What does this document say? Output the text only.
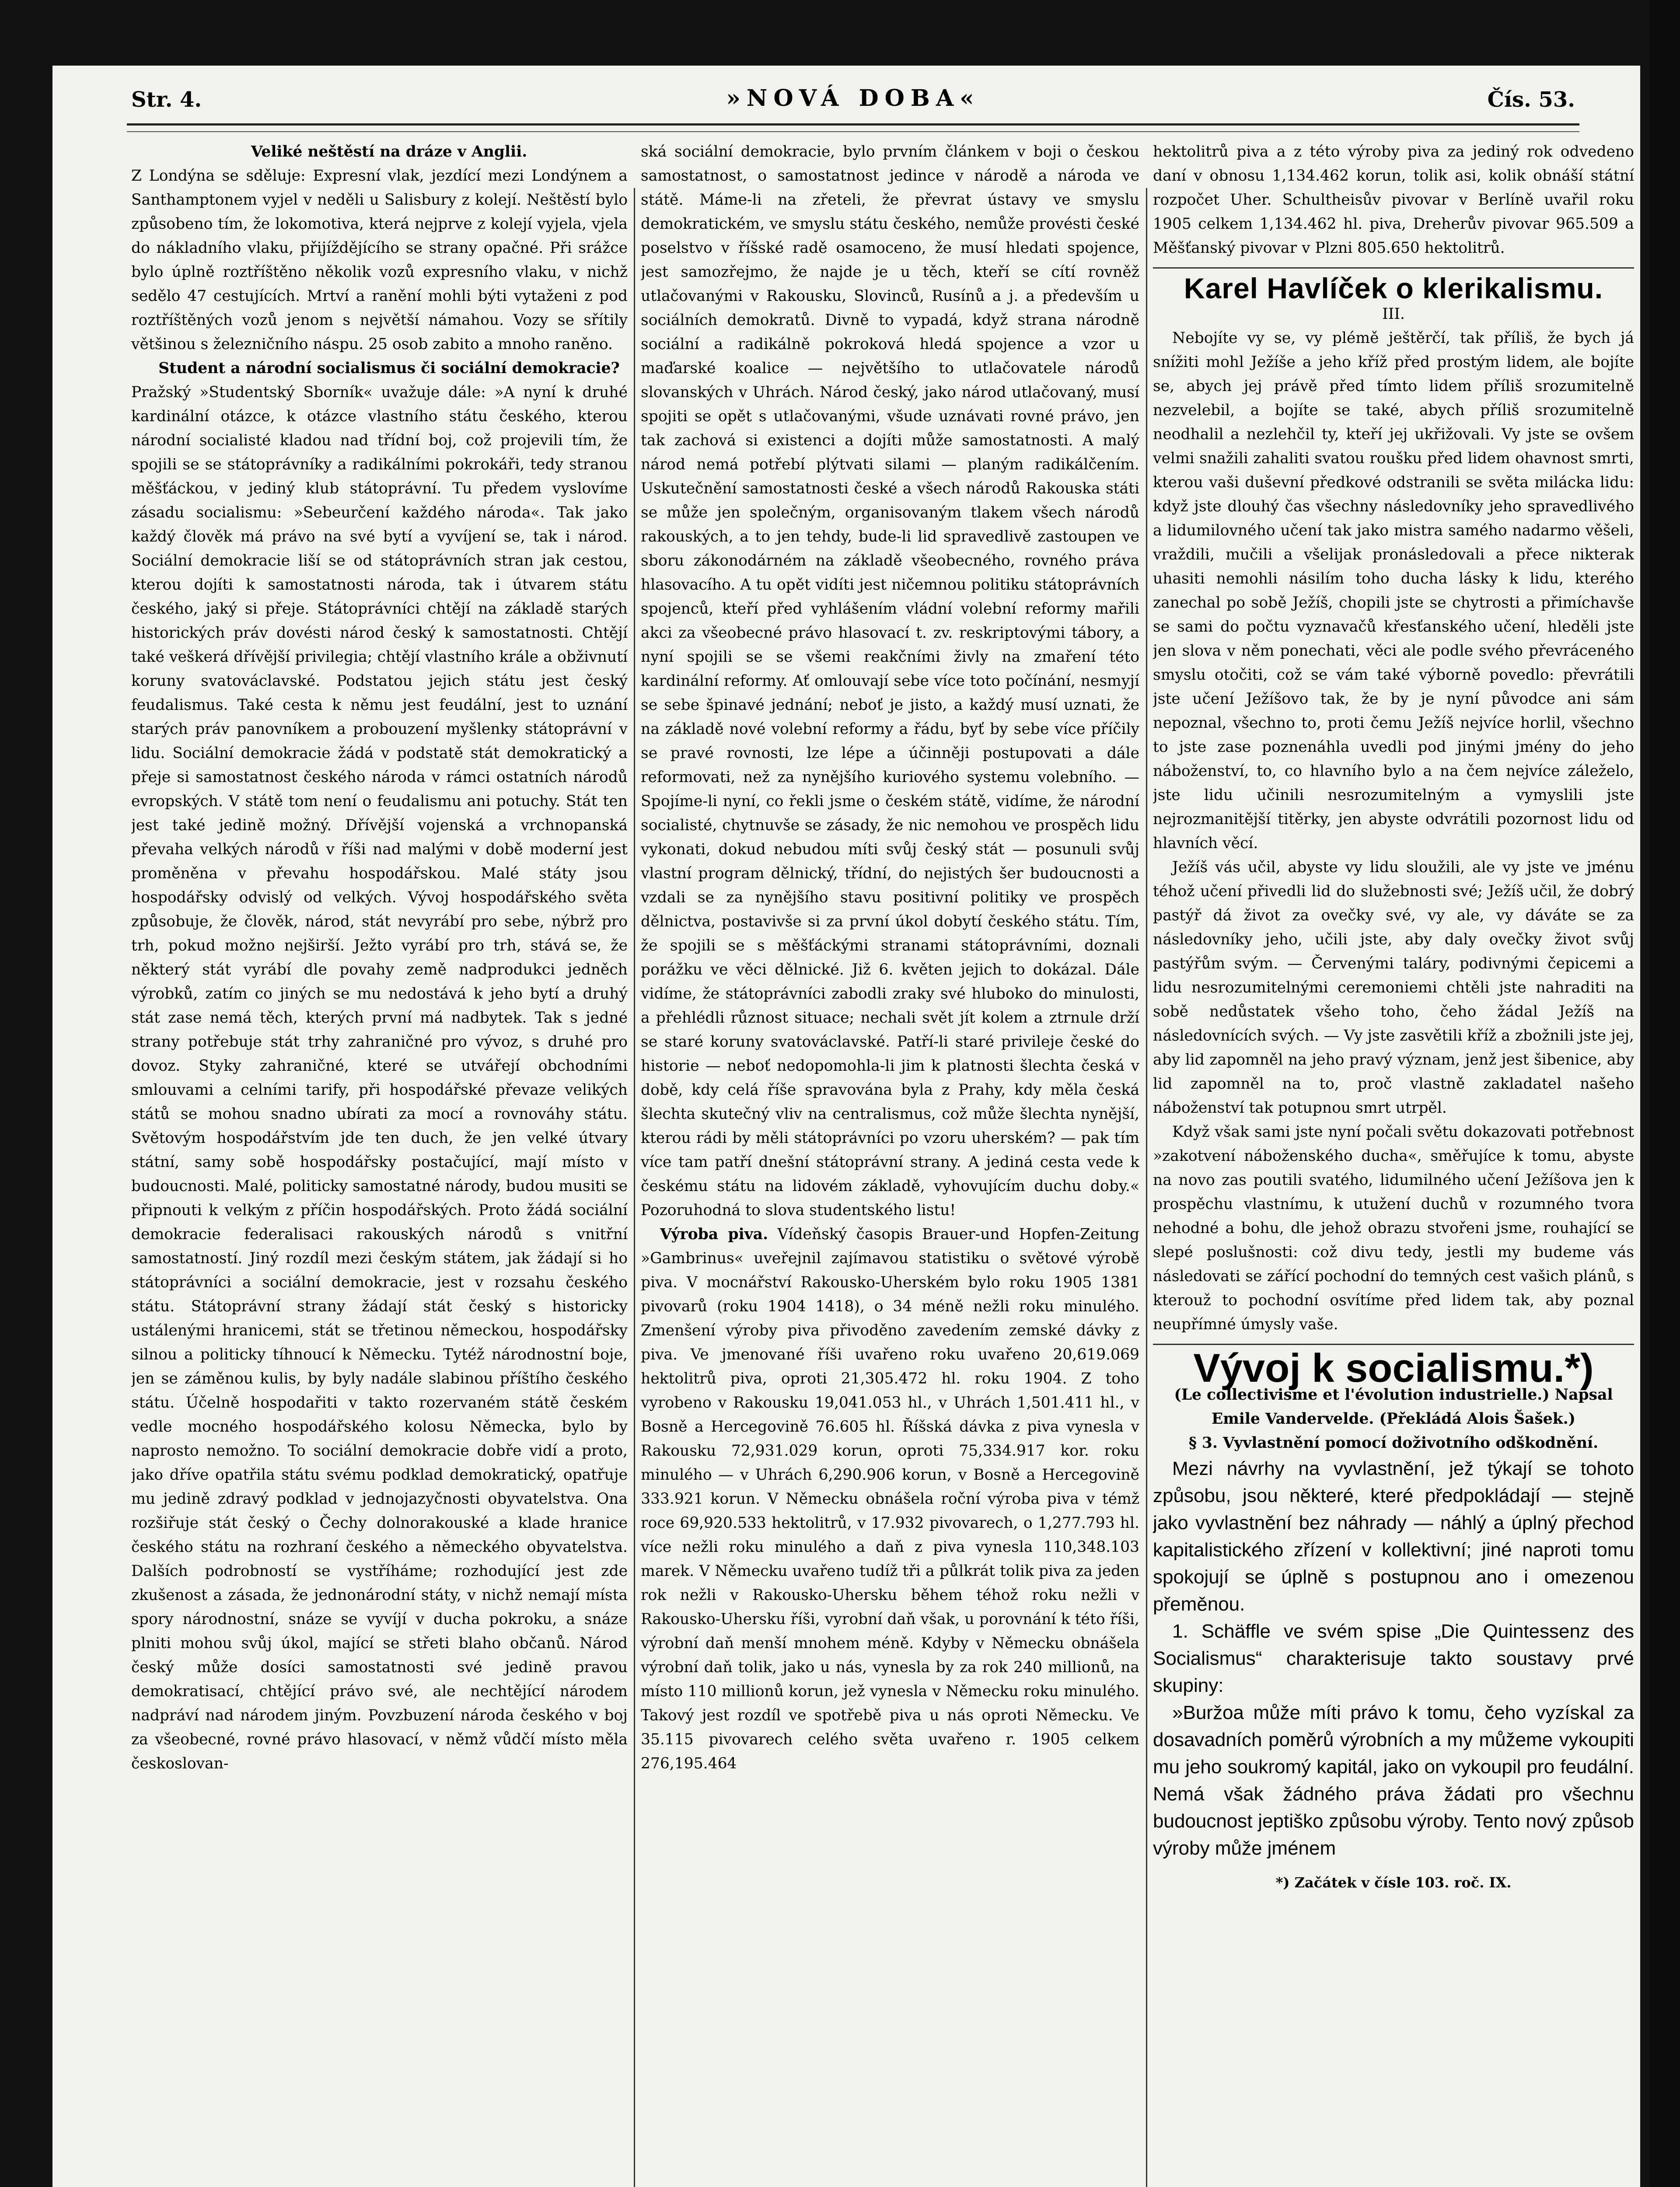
Str. 4.	»NOVÁ DOBA«	Čís. 53.

Veliké neštěstí na dráze v Anglii.

Z Londýna se sděluje: Expresní vlak, jezdící mezi Londýnem a Santhamptonem vyjel v neděli u Salisbury z kolejí. Neštěstí bylo způsobeno tím, že lokomotiva, která nejprve z kolejí vyjela, vjela do nákladního vlaku, přijíždějícího se strany opačné. Při srážce bylo úplně roztříštěno několik vozů expresního vlaku, v nichž sedělo 47 cestujících. Mrtví a ranění mohli býti vytaženi z pod roztříštěných vozů jenom s největší námahou. Vozy se sřítily většinou s železničního náspu. 25 osob zabito a mnoho raněno.

Student a národní socialismus či sociální demokracie?

Pražský »Studentský Sborník« uvažuje dále: »A nyní k druhé kardinální otázce, k otázce vlastního státu českého, kterou národní socialisté kladou nad třídní boj, což projevili tím, že spojili se se státoprávníky a radikálními pokrokáři, tedy stranou měšťáckou, v jediný klub státoprávní. Tu předem vyslovíme zásadu socialismu: »Sebeurčení každého národa«. Tak jako každý člověk má právo na své bytí a vyvíjení se, tak i národ. Sociální demokracie liší se od státoprávních stran jak cestou, kterou dojíti k samostatnosti národa, tak i útvarem státu českého, jaký si přeje. Státoprávníci chtějí na základě starých historických práv dovésti národ český k samostatnosti. Chtějí také veškerá dřívější privilegia; chtějí vlastního krále a obživnutí koruny svatováclavské. Podstatou jejich státu jest český feudalismus. Také cesta k němu jest feudální, jest to uznání starých práv panovníkem a probouzení myšlenky státoprávní v lidu. Sociální demokracie žádá v podstatě stát demokratický a přeje si samostatnost českého národa v rámci ostatních národů evropských. V státě tom není o feudalismu ani potuchy. Stát ten jest také jedině možný. Dřívější vojenská a vrchnopanská převaha velkých národů v říši nad malými v době moderní jest proměněna v převahu hospodářskou. Malé státy jsou hospodářsky odvislý od velkých. Vývoj hospodářského světa způsobuje, že člověk, národ, stát nevyrábí pro sebe, nýbrž pro trh, pokud možno nejširší. Ježto vyrábí pro trh, stává se, že některý stát vyrábí dle povahy země nadprodukci jedněch výrobků, zatím co jiných se mu nedostává k jeho bytí a druhý stát zase nemá těch, kterých první má nadbytek. Tak s jedné strany potřebuje stát trhy zahraničné pro vývoz, s druhé pro dovoz. Styky zahraničné, které se utvářejí obchodními smlouvami a celními tarify, při hospodářské převaze velikých států se mohou snadno ubírati za mocí a rovnováhy státu. Světovým hospodářstvím jde ten duch, že jen velké útvary státní, samy sobě hospodářsky postačující, mají místo v budoucnosti. Malé, politicky samostatné národy, budou musiti se připnouti k velkým z příčin hospodářských. Proto žádá sociální demokracie federalisaci rakouských národů s vnitřní samostatností. Jiný rozdíl mezi českým státem, jak žádají si ho státoprávníci a sociální demokracie, jest v rozsahu českého státu. Státoprávní strany žádají stát český s historicky ustálenými hranicemi, stát se třetinou německou, hospodářsky silnou a politicky tíhnoucí k Německu. Tytéž národnostní boje, jen se záměnou kulis, by byly nadále slabinou příštího českého státu. Účelně hospodařiti v takto rozervaném státě českém vedle mocného hospodářského kolosu Německa, bylo by naprosto nemožno. To sociální demokracie dobře vidí a proto, jako dříve opatřila státu svému podklad demokratický, opatřuje mu jedině zdravý podklad v jednojazyčnosti obyvatelstva. Ona rozšiřuje stát český o Čechy dolnorakouské a klade hranice českého státu na rozhraní českého a německého obyvatelstva. Dalších podrobností se vystříháme; rozhodující jest zde zkušenost a zásada, že jednonárodní státy, v nichž nemají místa spory národnostní, snáze se vyvíjí v ducha pokroku, a snáze plniti mohou svůj úkol, mající se střeti blaho občanů. Národ český může dosíci samostatnosti své jedině pravou demokratisací, chtějící právo své, ale nechtějící národem nadpráví nad národem jiným. Povzbuzení národa českého v boj za všeobecné, rovné právo hlasovací, v němž vůdčí místo měla českoslovan-

ská sociální demokracie, bylo prvním článkem v boji o českou samostatnost, o samostatnost jedince v národě a národa ve státě. Máme-li na zřeteli, že převrat ústavy ve smyslu demokratickém, ve smyslu státu českého, nemůže provésti české poselstvo v říšské radě osamoceno, že musí hledati spojence, jest samozřejmo, že najde je u těch, kteří se cítí rovněž utlačovanými v Rakousku, Slovinců, Rusínů a j. a především u sociálních demokratů. Divně to vypadá, když strana národně sociální a radikálně pokroková hledá spojence a vzor u maďarské koalice — největšího to utlačovatele národů slovanských v Uhrách. Národ český, jako národ utlačovaný, musí spojiti se opět s utlačovanými, všude uznávati rovné právo, jen tak zachová si existenci a dojíti může samostatnosti. A malý národ nemá potřebí plýtvati silami — planým radikálčením. Uskutečnění samostatnosti české a všech národů Rakouska státi se může jen společným, organisovaným tlakem všech národů rakouských, a to jen tehdy, bude-li lid spravedlivě zastoupen ve sboru zákonodárném na základě všeobecného, rovného práva hlasovacího. A tu opět vidíti jest ničemnou politiku státoprávních spojenců, kteří před vyhlášením vládní volební reformy mařili akci za všeobecné právo hlasovací t. zv. reskriptovými tábory, a nyní spojili se se všemi reakčními živly na zmaření této kardinální reformy. Ať omlouvají sebe více toto počínání, nesmyjí se sebe špinavé jednání; neboť je jisto, a každý musí uznati, že na základě nové volební reformy a řádu, byť by sebe více příčily se pravé rovnosti, lze lépe a účinněji postupovati a dále reformovati, než za nynějšího kuriového systemu volebního. — Spojíme-li nyní, co řekli jsme o českém státě, vidíme, že národní socialisté, chytnuvše se zásady, že nic nemohou ve prospěch lidu vykonati, dokud nebudou míti svůj český stát — posunuli svůj vlastní program dělnický, třídní, do nejistých šer budoucnosti a vzdali se za nynějšího stavu positivní politiky ve prospěch dělnictva, postavivše si za první úkol dobytí českého státu. Tím, že spojili se s měšťáckými stranami státoprávními, doznali porážku ve věci dělnické. Již 6. květen jejich to dokázal. Dále vidíme, že státoprávníci zabodli zraky své hluboko do minulosti, a přehlédli různost situace; nechali svět jít kolem a ztrnule drží se staré koruny svatováclavské. Patří-li staré privileje české do historie — neboť nedopomohla-li jim k platnosti šlechta česká v době, kdy celá říše spravována byla z Prahy, kdy měla česká šlechta skutečný vliv na centralismus, což může šlechta nynější, kterou rádi by měli státoprávníci po vzoru uherském? — pak tím více tam patří dnešní státoprávní strany. A jediná cesta vede k českému státu na lidovém základě, vyhovujícím duchu doby.« Pozoruhodná to slova studentského listu!

Výroba piva. Vídeňský časopis Brauer-und Hopfen-Zeitung »Gambrinus« uveřejnil zajímavou statistiku o světové výrobě piva. V mocnářství Rakousko-Uherském bylo roku 1905 1381 pivovarů (roku 1904 1418), o 34 méně nežli roku minulého. Zmenšení výroby piva přivoděno zavedením zemské dávky z piva. Ve jmenované říši uvařeno roku uvařeno 20,619.069 hektolitrů piva, oproti 21,305.472 hl. roku 1904. Z toho vyrobeno v Rakousku 19,041.053 hl., v Uhrách 1,501.411 hl., v Bosně a Hercegovině 76.605 hl. Říšská dávka z piva vynesla v Rakousku 72,931.029 korun, oproti 75,334.917 kor. roku minulého — v Uhrách 6,290.906 korun, v Bosně a Hercegovině 333.921 korun. V Německu obnášela roční výroba piva v témž roce 69,920.533 hektolitrů, v 17.932 pivovarech, o 1,277.793 hl. více nežli roku minulého a daň z piva vynesla 110,348.103 marek. V Německu uvařeno tudíž tři a půlkrát tolik piva za jeden rok nežli v Rakousko-Uhersku během téhož roku nežli v Rakousko-Uhersku říši, vyrobní daň však, u porovnání k této říši, výrobní daň menší mnohem méně. Kdyby v Německu obnášela výrobní daň tolik, jako u nás, vynesla by za rok 240 millionů, na místo 110 millionů korun, jež vynesla v Německu roku minulého. Takový jest rozdíl ve spotřebě piva u nás oproti Německu. Ve 35.115 pivovarech celého světa uvařeno r. 1905 celkem 276,195.464

hektolitrů piva a z této výroby piva za jediný rok odvedeno daní v obnosu 1,134.462 korun, tolik asi, kolik obnáší státní rozpočet Uher. Schultheisův pivovar v Berlíně uvařil roku 1905 celkem 1,134.462 hl. piva, Dreherův pivovar 965.509 a Měšťanský pivovar v Plzni 805.650 hektolitrů.

Karel Havlíček o klerikalismu.
III.

Nebojíte vy se, vy plémě ještěrčí, tak příliš, že bych já snížiti mohl Ježíše a jeho kříž před prostým lidem, ale bojíte se, abych jej právě před tímto lidem příliš srozumitelně nezvelebil, a bojíte se také, abych příliš srozumitelně neodhalil a nezlehčil ty, kteří jej ukřižovali. Vy jste se ovšem velmi snažili zahaliti svatou roušku před lidem ohavnost smrti, kterou vaši duševní předkové odstranili se světa milácka lidu: když jste dlouhý čas všechny následovníky jeho spravedlivého a lidumilovného učení tak jako mistra samého nadarmo věšeli, vraždili, mučili a všelijak pronásledovali a přece nikterak uhasiti nemohli násilím toho ducha lásky k lidu, kterého zanechal po sobě Ježíš, chopili jste se chytrosti a přimíchavše se sami do počtu vyznavačů křesťanského učení, hleděli jste jen slova v něm ponechati, věci ale podle svého převráceného smyslu otočiti, což se vám také výborně povedlo: převrátili jste učení Ježíšovo tak, že by je nyní původce ani sám nepoznal, všechno to, proti čemu Ježíš nejvíce horlil, všechno to jste zase poznenáhla uvedli pod jinými jmény do jeho náboženství, to, co hlavního bylo a na čem nejvíce záleželo, jste lidu učinili nesrozumitelným a vymyslili jste nejrozmanitější titěrky, jen abyste odvrátili pozornost lidu od hlavních věcí.

Ježíš vás učil, abyste vy lidu sloužili, ale vy jste ve jménu téhož učení přivedli lid do služebnosti své; Ježíš učil, že dobrý pastýř dá život za ovečky své, vy ale, vy dáváte se za následovníky jeho, učili jste, aby daly ovečky život svůj pastýřům svým. — Červenými taláry, podivnými čepicemi a lidu nesrozumitelnými ceremoniemi chtěli jste nahraditi na sobě nedůstatek všeho toho, čeho žádal Ježíš na následovnících svých. — Vy jste zasvětili kříž a zbožnili jste jej, aby lid zapomněl na jeho pravý význam, jenž jest šibenice, aby lid zapomněl na to, proč vlastně zakladatel našeho náboženství tak potupnou smrt utrpěl.

Když však sami jste nyní počali světu dokazovati potřebnost »zakotvení náboženského ducha«, směřujíce k tomu, abyste na novo zas poutili svatého, lidumilného učení Ježíšova jen k prospěchu vlastnímu, k utužení duchů v rozumného tvora nehodné a bohu, dle jehož obrazu stvořeni jsme, rouhající se slepé poslušnosti: což divu tedy, jestli my budeme vás následovati se zářící pochodní do temných cest vašich plánů, s kterouž to pochodní osvítíme před lidem tak, aby poznal neupřímné úmysly vaše.

Vývoj k socialismu.*)

(Le collectivisme et l'évolution industrielle.) Napsal Emile Vandervelde. (Překládá Alois Šašek.)

§ 3. Vyvlastnění pomocí doživotního odškodnění.

Mezi návrhy na vyvlastnění, jež týkají se tohoto způsobu, jsou některé, které předpokládají — stejně jako vyvlastnění bez náhrady — náhlý a úplný přechod kapitalistického zřízení v kollektivní; jiné naproti tomu spokojují se úplně s postupnou ano i omezenou přeměnou.

1. Schäffle ve svém spise „Die Quintessenz des Socialismus“ charakterisuje takto soustavy prvé skupiny:

»Buržoa může míti právo k tomu, čeho vyzískal za dosavadních poměrů výrobních a my můžeme vykoupiti mu jeho soukromý kapitál, jako on vykoupil pro feudální. Nemá však žádného práva žádati pro všechnu budoucnost jeptiško způsobu výroby. Tento nový způsob výroby může jménem

*) Začátek v čísle 103. roč. IX.
